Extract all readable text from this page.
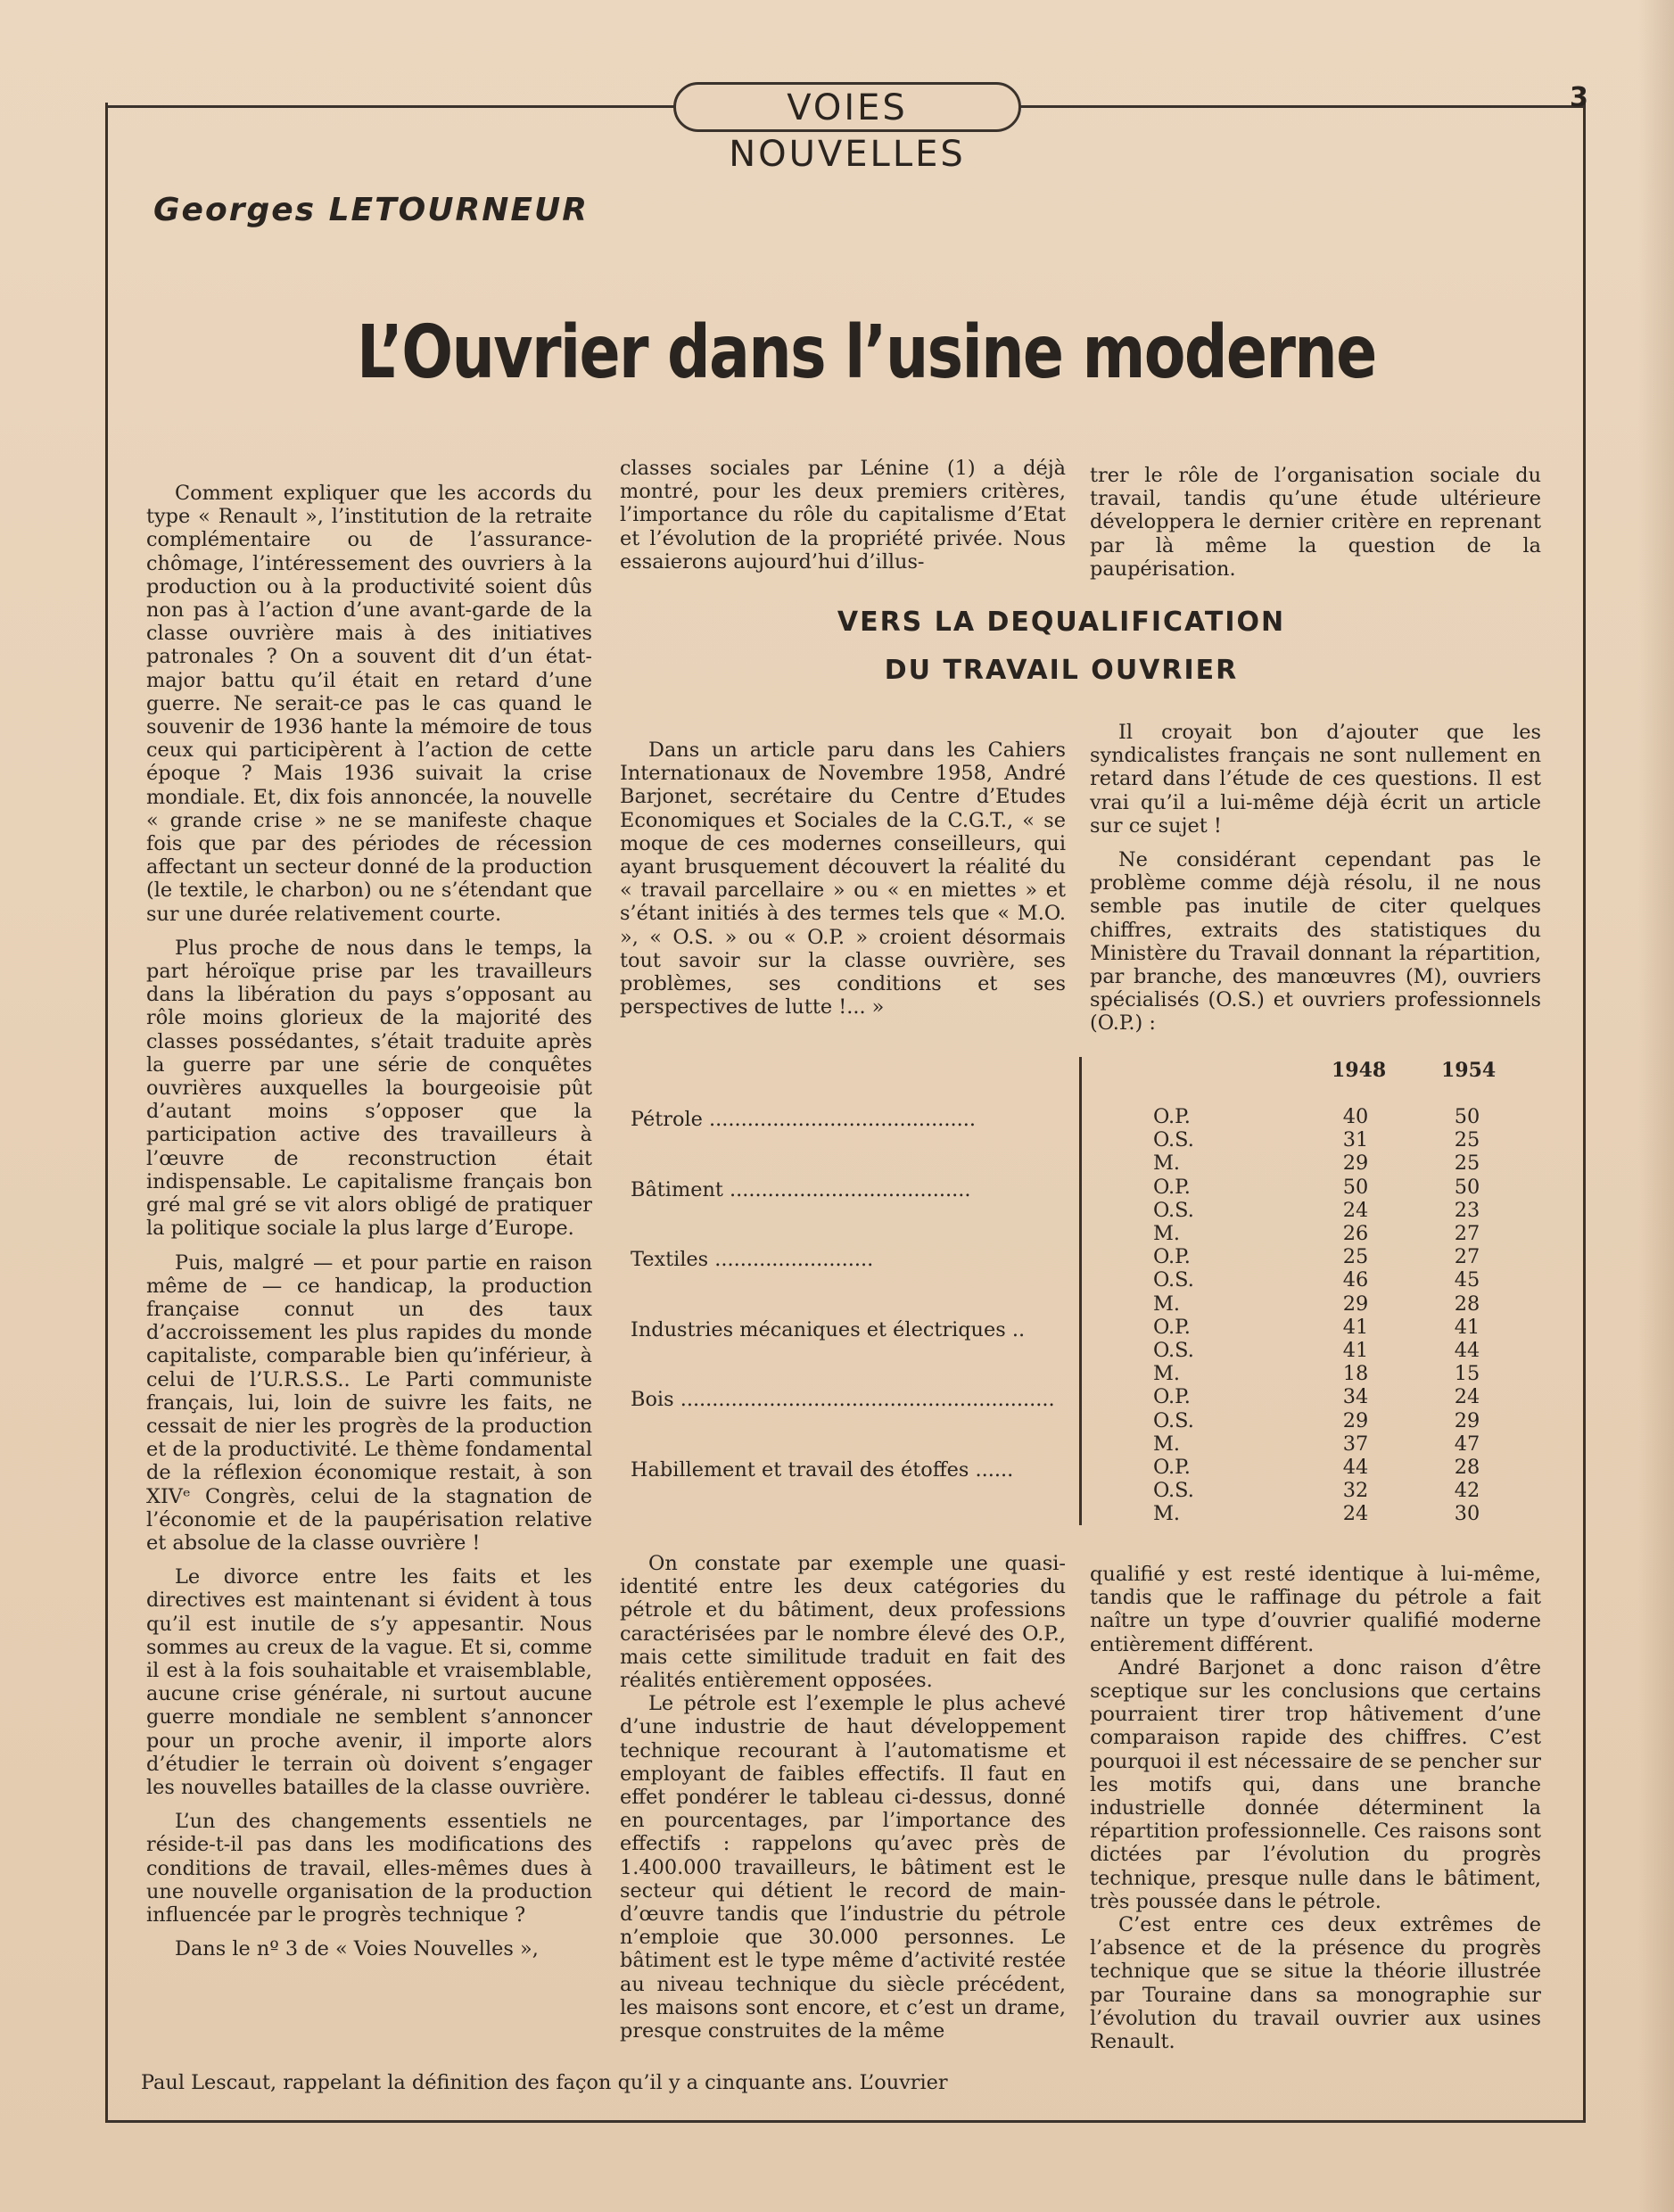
VOIES NOUVELLES
3
Georges LETOURNEUR
L’Ouvrier dans l’usine moderne

Comment expliquer que les accords du type « Renault », l’institution de la retraite complémentaire ou de l’assurance-chômage, l’intéressement des ouvriers à la production ou à la productivité soient dûs non pas à l’action d’une avant-garde de la classe ouvrière mais à des initiatives patronales ? On a souvent dit d’un état-major battu qu’il était en retard d’une guerre. Ne serait-ce pas le cas quand le souvenir de 1936 hante la mémoire de tous ceux qui participèrent à l’action de cette époque ? Mais 1936 suivait la crise mondiale. Et, dix fois annoncée, la nouvelle « grande crise » ne se manifeste chaque fois que par des périodes de récession affectant un secteur donné de la production (le textile, le charbon) ou ne s’étendant que sur une durée relativement courte.

Plus proche de nous dans le temps, la part héroïque prise par les travailleurs dans la libération du pays s’opposant au rôle moins glorieux de la majorité des classes possédantes, s’était traduite après la guerre par une série de conquêtes ouvrières auxquelles la bourgeoisie pût d’autant moins s’opposer que la participation active des travailleurs à l’œuvre de reconstruction était indispensable. Le capitalisme français bon gré mal gré se vit alors obligé de pratiquer la politique sociale la plus large d’Europe.

Puis, malgré — et pour partie en raison même de — ce handicap, la production française connut un des taux d’accroissement les plus rapides du monde capitaliste, comparable bien qu’inférieur, à celui de l’U.R.S.S.. Le Parti communiste français, lui, loin de suivre les faits, ne cessait de nier les progrès de la production et de la productivité. Le thème fondamental de la réflexion économique restait, à son XIVᵉ Congrès, celui de la stagnation de l’économie et de la paupérisation relative et absolue de la classe ouvrière !

Le divorce entre les faits et les directives est maintenant si évident à tous qu’il est inutile de s’y appesantir. Nous sommes au creux de la vague. Et si, comme il est à la fois souhaitable et vraisemblable, aucune crise générale, ni surtout aucune guerre mondiale ne semblent s’annoncer pour un proche avenir, il importe alors d’étudier le terrain où doivent s’engager les nouvelles batailles de la classe ouvrière.

L’un des changements essentiels ne réside-t-il pas dans les modifications des conditions de travail, elles-mêmes dues à une nouvelle organisation de la production influencée par le progrès technique ?

Dans le nº 3 de « Voies Nouvelles »,

Paul Lescaut, rappelant la définition des façon qu’il y a cinquante ans. L’ouvrier

classes sociales par Lénine (1) a déjà montré, pour les deux premiers critères, l’importance du rôle du capitalisme d’Etat et l’évolution de la propriété privée. Nous essaierons aujourd’hui d’illus-

trer le rôle de l’organisation sociale du travail, tandis qu’une étude ultérieure développera le dernier critère en reprenant par là même la question de la paupérisation.

VERS LA DEQUALIFICATION
DU TRAVAIL OUVRIER

Dans un article paru dans les Cahiers Internationaux de Novembre 1958, André Barjonet, secrétaire du Centre d’Etudes Economiques et Sociales de la C.G.T., « se moque de ces modernes conseilleurs, qui ayant brusquement découvert la réalité du « travail parcellaire » ou « en miettes » et s’étant initiés à des termes tels que « M.O. », « O.S. » ou « O.P. » croient désormais tout savoir sur la classe ouvrière, ses problèmes, ses conditions et ses perspectives de lutte !... »

Il croyait bon d’ajouter que les syndicalistes français ne sont nullement en retard dans l’étude de ces questions. Il est vrai qu’il a lui-même déjà écrit un article sur ce sujet !

Ne considérant cependant pas le problème comme déjà résolu, il ne nous semble pas inutile de citer quelques chiffres, extraits des statistiques du Ministère du Travail donnant la répartition, par branche, des manœuvres (M), ouvriers spécialisés (O.S.) et ouvriers professionnels (O.P.) :

1948	1954
Pétrole ..........................................	O.P.	40	50
O.S.	31	25
M.	29	25
Bâtiment ......................................	O.P.	50	50
O.S.	24	23
M.	26	27
Textiles .........................	O.P.	25	27
O.S.	46	45
M.	29	28
Industries mécaniques et électriques ..	O.P.	41	41
O.S.	41	44
M.	18	15
Bois ...........................................................	O.P.	34	24
O.S.	29	29
M.	37	47
Habillement et travail des étoffes ......	O.P.	44	28
O.S.	32	42
M.	24	30

On constate par exemple une quasi-identité entre les deux catégories du pétrole et du bâtiment, deux professions caractérisées par le nombre élevé des O.P., mais cette similitude traduit en fait des réalités entièrement opposées.

Le pétrole est l’exemple le plus achevé d’une industrie de haut développement technique recourant à l’automatisme et employant de faibles effectifs. Il faut en effet pondérer le tableau ci-dessus, donné en pourcentages, par l’importance des effectifs : rappelons qu’avec près de 1.400.000 travailleurs, le bâtiment est le secteur qui détient le record de main-d’œuvre tandis que l’industrie du pétrole n’emploie que 30.000 personnes. Le bâtiment est le type même d’activité restée au niveau technique du siècle précédent, les maisons sont encore, et c’est un drame, presque construites de la même

qualifié y est resté identique à lui-même, tandis que le raffinage du pétrole a fait naître un type d’ouvrier qualifié moderne entièrement différent.

André Barjonet a donc raison d’être sceptique sur les conclusions que certains pourraient tirer trop hâtivement d’une comparaison rapide des chiffres. C’est pourquoi il est nécessaire de se pencher sur les motifs qui, dans une branche industrielle donnée déterminent la répartition professionnelle. Ces raisons sont dictées par l’évolution du progrès technique, presque nulle dans le bâtiment, très poussée dans le pétrole.

C’est entre ces deux extrêmes de l’absence et de la présence du progrès technique que se situe la théorie illustrée par Touraine dans sa monographie sur l’évolution du travail ouvrier aux usines Renault.
